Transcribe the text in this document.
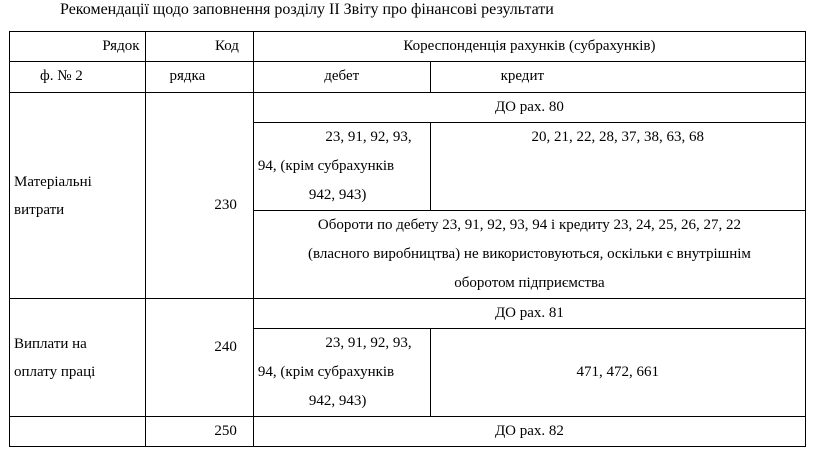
Рекомендації щодо заповнення розділу II Звіту про фінансові результати
Рядок	Код	Кореспонденція рахунків (субрахунків)	
ф. № 2	рядка	дебет	кредит
Матеріальні витрати	230	ДО рах. 80	

		23, 91, 92, 93,
94, (крім субрахунків
942, 943)	20, 21, 22, 28, 37, 38, 63, 68

		Обороти по дебету 23, 91, 92, 93, 94 і кредиту 23, 24, 25, 26, 27, 22
(власного виробництва) не використовуються, оскільки є внутрішнім
оборотом підприємства	

Виплати на
оплату праці	240	ДО рах. 81	

		23, 91, 92, 93,
94, (крім субрахунків
942, 943)	471, 472, 661
	250	ДО рах. 82	
